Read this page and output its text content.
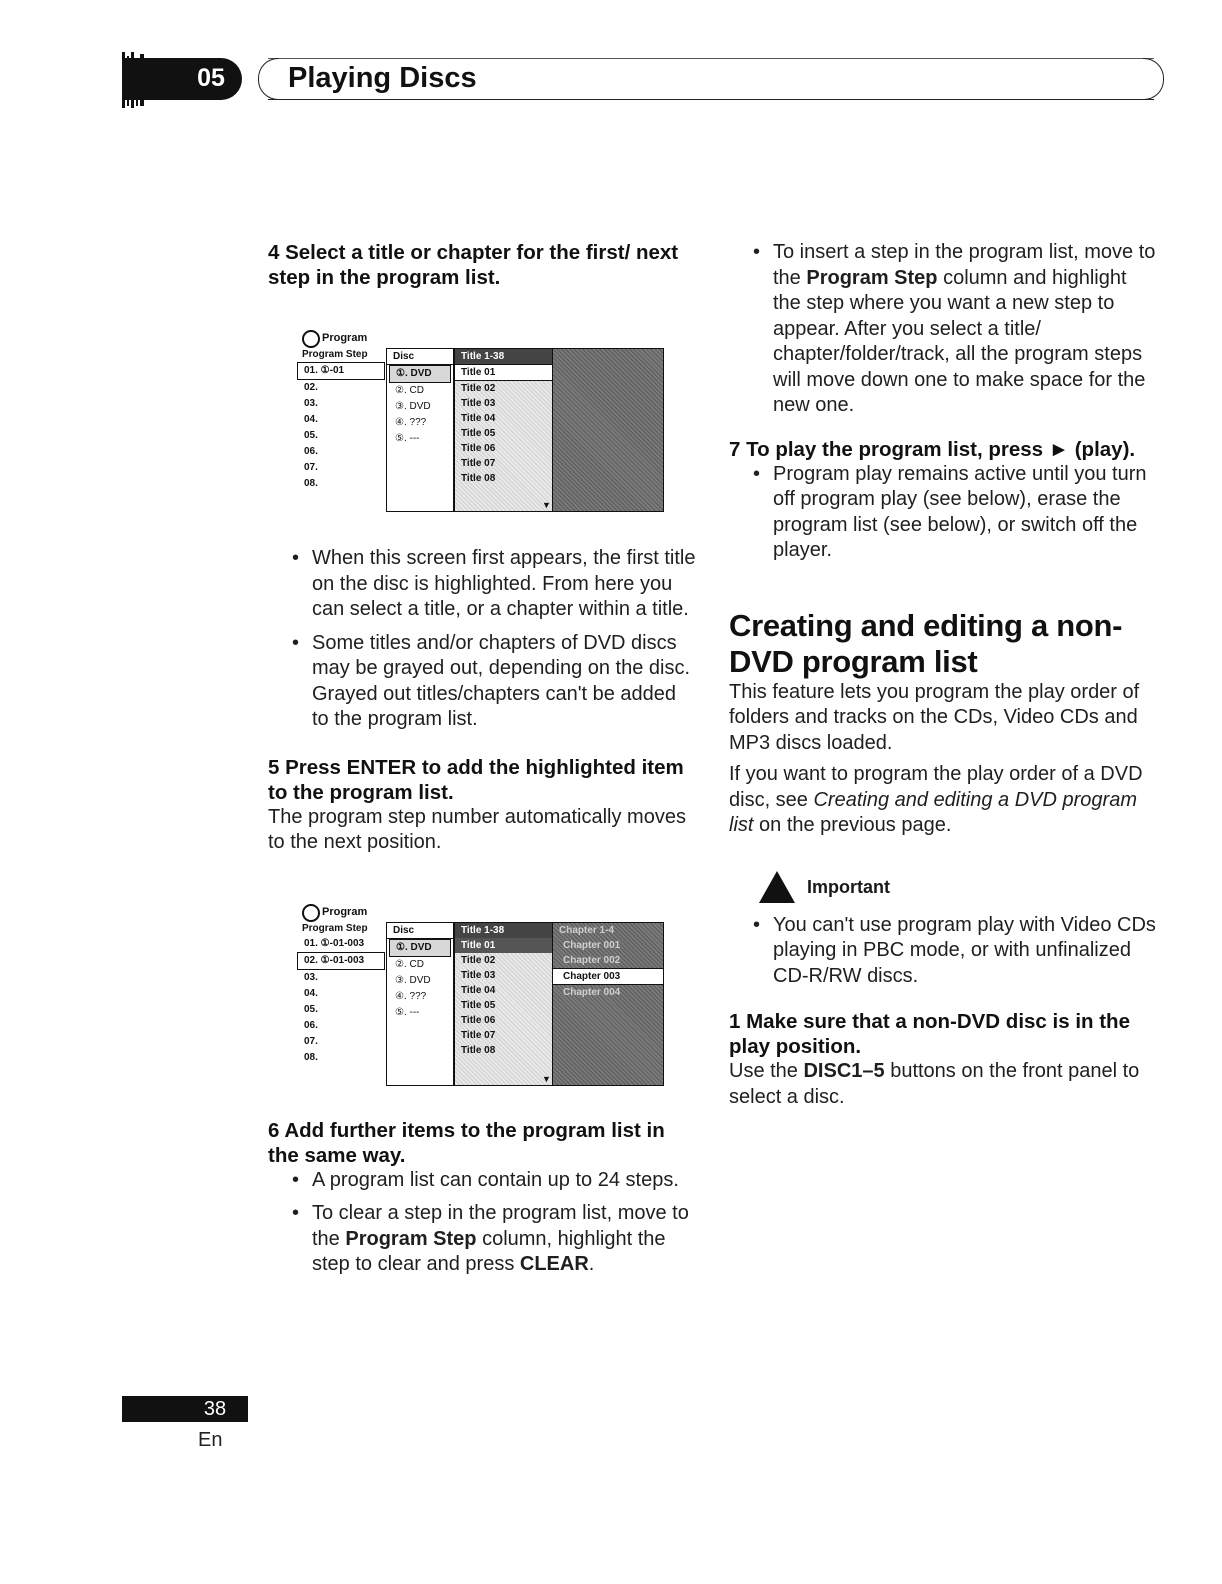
05	Playing Discs

4 Select a title or chapter for the first/ next step in the program list.

Program
Program Step
01. ①-01
02.
03.
04.
05.
06.
07.
08.
Disc
①. DVD
②. CD
③. DVD
④. ???
⑤. ---
Title 1-38
Title 01
Title 02
Title 03
Title 04
Title 05
Title 06
Title 07
Title 08
▼
• When this screen first appears, the first title on the disc is highlighted. From here you can select a title, or a chapter within a title.
• Some titles and/or chapters of DVD discs may be grayed out, depending on the disc. Grayed out titles/chapters can't be added to the program list.

5 Press ENTER to add the highlighted item to the program list.

The program step number automatically moves to the next position.

Program
Program Step
01. ①-01-003
02. ①-01-003
03.
04.
05.
06.
07.
08.
Disc
①. DVD
②. CD
③. DVD
④. ???
⑤. ---
Title 1-38
Title 01
Title 02
Title 03
Title 04
Title 05
Title 06
Title 07
Title 08
Chapter 1-4
Chapter 001
Chapter 002
Chapter 003
Chapter 004
▼

6 Add further items to the program list in the same way.

• A program list can contain up to 24 steps.
• To clear a step in the program list, move to the Program Step column, highlight the step to clear and press CLEAR.
• To insert a step in the program list, move to the Program Step column and highlight the step where you want a new step to appear. After you select a title/ chapter/folder/track, all the program steps will move down one to make space for the new one.

7 To play the program list, press ► (play).

• Program play remains active until you turn off program play (see below), erase the program list (see below), or switch off the player.

Creating and editing a non-DVD program list

This feature lets you program the play order of folders and tracks on the CDs, Video CDs and MP3 discs loaded.

If you want to program the play order of a DVD disc, see Creating and editing a DVD program list on the previous page.

Important
• You can't use program play with Video CDs playing in PBC mode, or with unfinalized CD-R/RW discs.

1 Make sure that a non-DVD disc is in the play position.

Use the DISC1–5 buttons on the front panel to select a disc.

38
En
